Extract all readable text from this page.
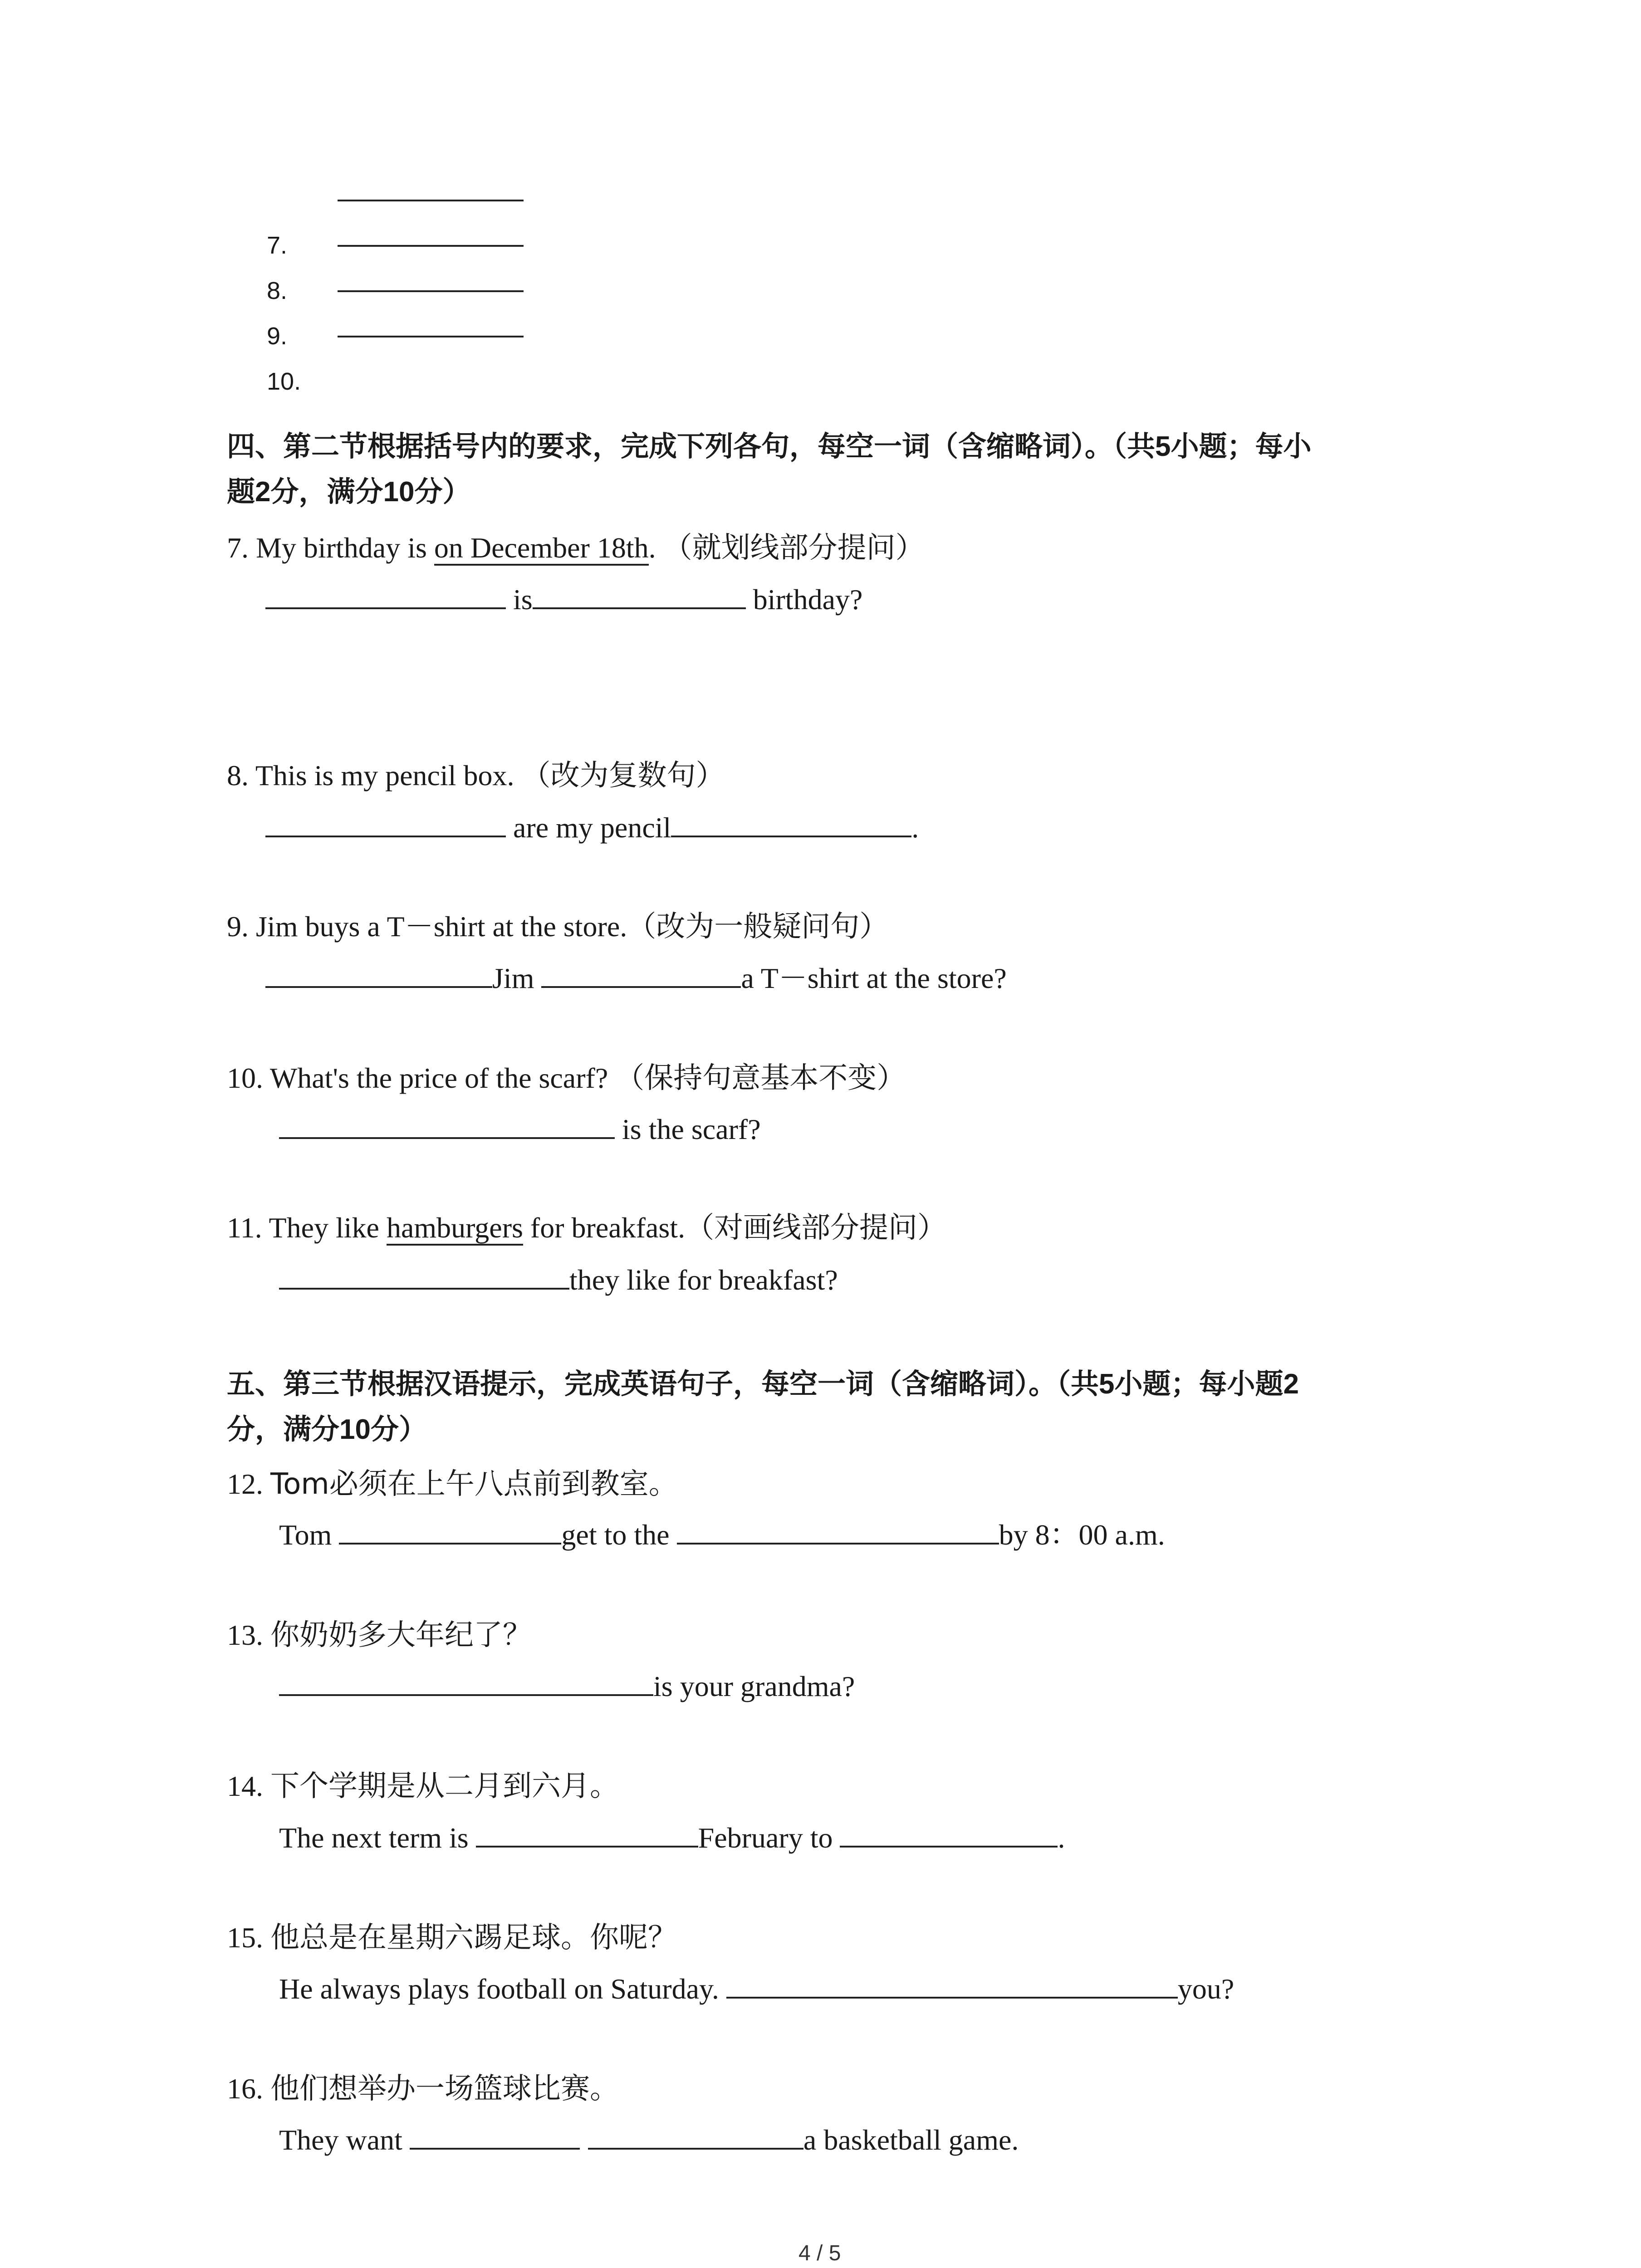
7.
8.
9.
10.
四、第二节根据括号内的要求，完成下列各句，每空一词（含缩略词）。（共5小题；每小
题2分，满分10分）
7. My birthday is on December 18th. （就划线部分提问）
is	birthday?
8. This is my pencil box. （改为复数句）
are my pencil	.
9. Jim buys a T－shirt at the store.（改为一般疑问句）
Jim	a T－shirt at the store?
10. What's the price of the scarf? （保持句意基本不变）
is the scarf?
11. They like hamburgers for breakfast.（对画线部分提问）
they like for breakfast?
五、第三节根据汉语提示，完成英语句子，每空一词（含缩略词）。（共5小题；每小题2
分，满分10分）
12. Tom必须在上午八点前到教室。
Tom	get to the	by 8：00 a.m.
13. 你奶奶多大年纪了？
is your grandma?
14. 下个学期是从二月到六月。
The next term is	February to	.
15. 他总是在星期六踢足球。你呢？
He always plays football on Saturday.	you?
16. 他们想举办一场篮球比赛。
They want	a basketball game.
4 / 5
